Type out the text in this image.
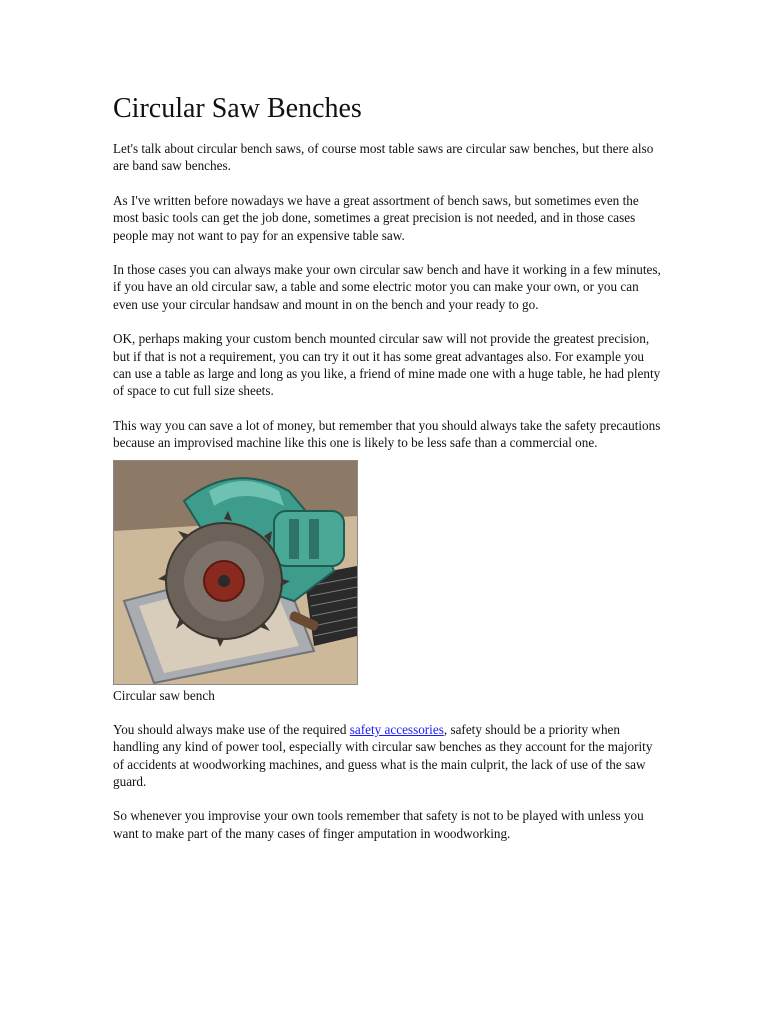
Circular Saw Benches

Let's talk about circular bench saws, of course most table saws are circular saw benches, but there also are band saw benches.

As I've written before nowadays we have a great assortment of bench saws, but sometimes even the most basic tools can get the job done, sometimes a great precision is not needed, and in those cases people may not want to pay for an expensive table saw.

In those cases you can always make your own circular saw bench and have it working in a few minutes, if you have an old circular saw, a table and some electric motor you can make your own, or you can even use your circular handsaw and mount in on the bench and your ready to go.

OK, perhaps making your custom bench mounted circular saw will not provide the greatest precision, but if that is not a requirement, you can try it out it has some great advantages also. For example you can use a table as large and long as you like, a friend of mine made one with a huge table, he had plenty of space to cut full size sheets.

This way you can save a lot of money, but remember that you should always take the safety precautions because an improvised machine like this one is likely to be less safe than a commercial one.

Circular saw bench

You should always make use of the required safety accessories, safety should be a priority when handling any kind of power tool, especially with circular saw benches as they account for the majority of accidents at woodworking machines, and guess what is the main culprit, the lack of use of the saw guard.

So whenever you improvise your own tools remember that safety is not to be played with unless you want to make part of the many cases of finger amputation in woodworking.
